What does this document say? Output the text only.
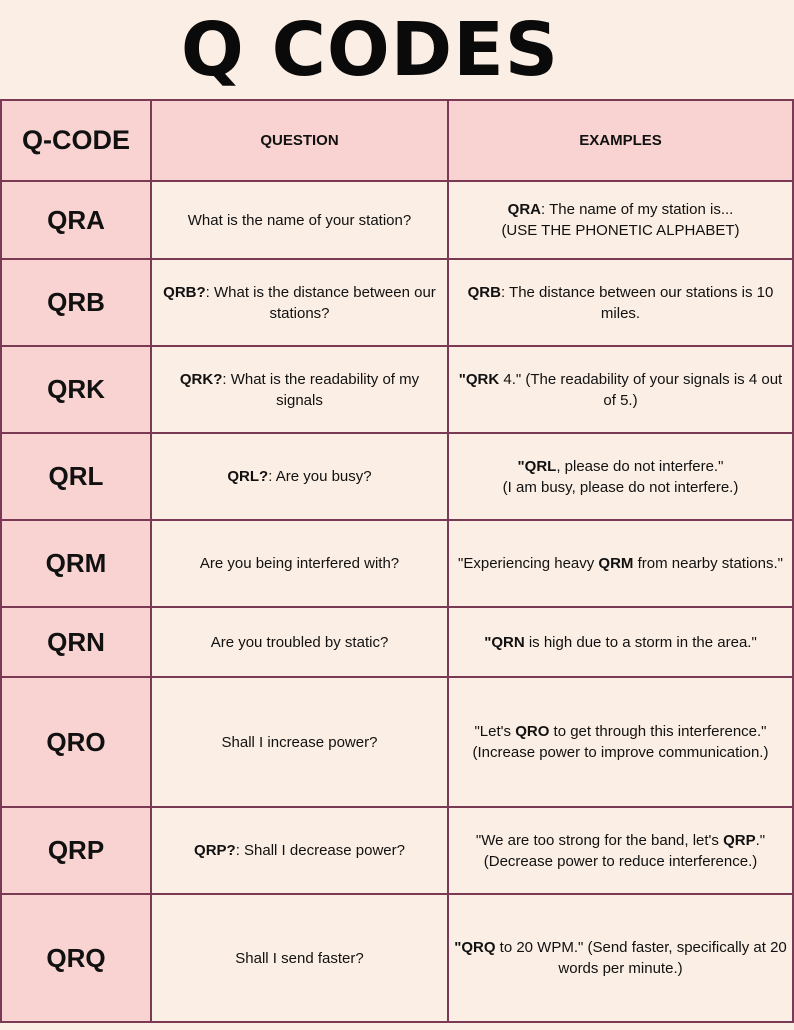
Q CODES
Q-CODE	QUESTION	EXAMPLES
QRA	What is the name of your station?	QRA: The name of my station is...
(USE THE PHONETIC ALPHABET)
QRB	QRB?: What is the distance between our stations?	QRB: The distance between our stations is 10 miles.
QRK	QRK?: What is the readability of my signals	"QRK 4." (The readability of your signals is 4 out of 5.)
QRL	QRL?: Are you busy?	"QRL, please do not interfere."
(I am busy, please do not interfere.)
QRM	Are you being interfered with?	"Experiencing heavy QRM from nearby stations."
QRN	Are you troubled by static?	"QRN is high due to a storm in the area."
QRO	Shall I increase power?	"Let's QRO to get through this interference."
(Increase power to improve communication.)
QRP	QRP?: Shall I decrease power?	"We are too strong for the band, let's QRP."
(Decrease power to reduce interference.)
QRQ	Shall I send faster?	"QRQ to 20 WPM." (Send faster, specifically at 20 words per minute.)
